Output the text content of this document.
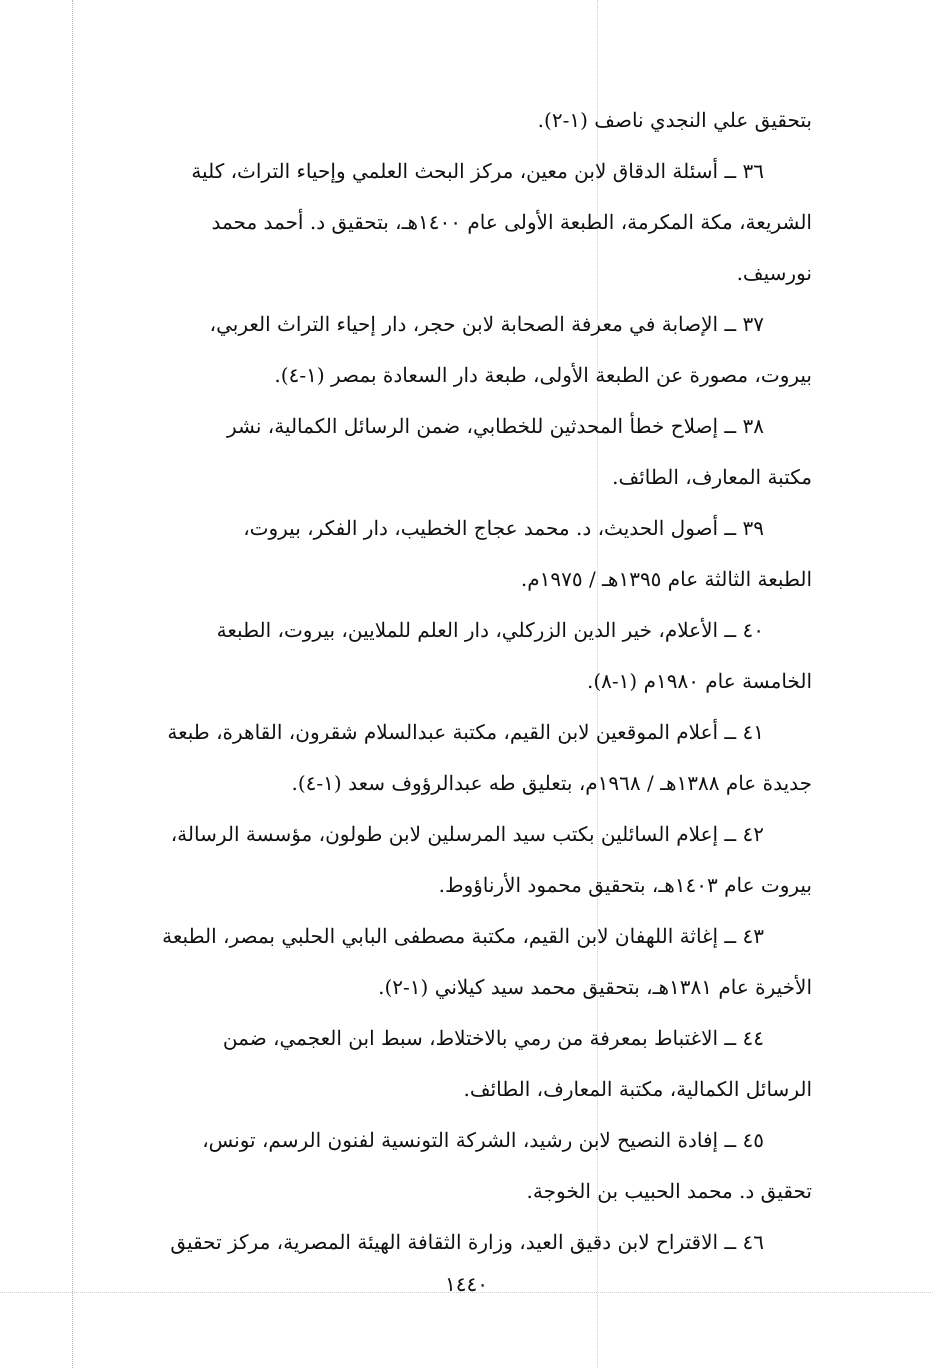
بتحقيق علي النجدي ناصف (١-٢).
٣٦ ــ أسئلة الدقاق لابن معين، مركز البحث العلمي وإحياء التراث، كلية
الشريعة، مكة المكرمة، الطبعة الأولى عام ١٤٠٠هـ، بتحقيق د. أحمد محمد
نورسيف.
٣٧ ــ الإصابة في معرفة الصحابة لابن حجر، دار إحياء التراث العربي،
بيروت، مصورة عن الطبعة الأولى، طبعة دار السعادة بمصر (١-٤).
٣٨ ــ إصلاح خطأ المحدثين للخطابي، ضمن الرسائل الكمالية، نشر
مكتبة المعارف، الطائف.
٣٩ ــ أصول الحديث، د. محمد عجاج الخطيب، دار الفكر، بيروت،
الطبعة الثالثة عام ١٣٩٥هـ / ١٩٧٥م.
٤٠ ــ الأعلام، خير الدين الزركلي، دار العلم للملايين، بيروت، الطبعة
الخامسة عام ١٩٨٠م (١-٨).
٤١ ــ أعلام الموقعين لابن القيم، مكتبة عبدالسلام شقرون، القاهرة، طبعة
جديدة عام ١٣٨٨هـ / ١٩٦٨م، بتعليق طه عبدالرؤوف سعد (١-٤).
٤٢ ــ إعلام السائلين بكتب سيد المرسلين لابن طولون، مؤسسة الرسالة،
بيروت عام ١٤٠٣هـ، بتحقيق محمود الأرناؤوط.
٤٣ ــ إغاثة اللهفان لابن القيم، مكتبة مصطفى البابي الحلبي بمصر، الطبعة
الأخيرة عام ١٣٨١هـ، بتحقيق محمد سيد كيلاني (١-٢).
٤٤ ــ الاغتباط بمعرفة من رمي بالاختلاط، سبط ابن العجمي، ضمن
الرسائل الكمالية، مكتبة المعارف، الطائف.
٤٥ ــ إفادة النصيح لابن رشيد، الشركة التونسية لفنون الرسم، تونس،
تحقيق د. محمد الحبيب بن الخوجة.
٤٦ ــ الاقتراح لابن دقيق العيد، وزارة الثقافة الهيئة المصرية، مركز تحقيق
١٤٤٠
